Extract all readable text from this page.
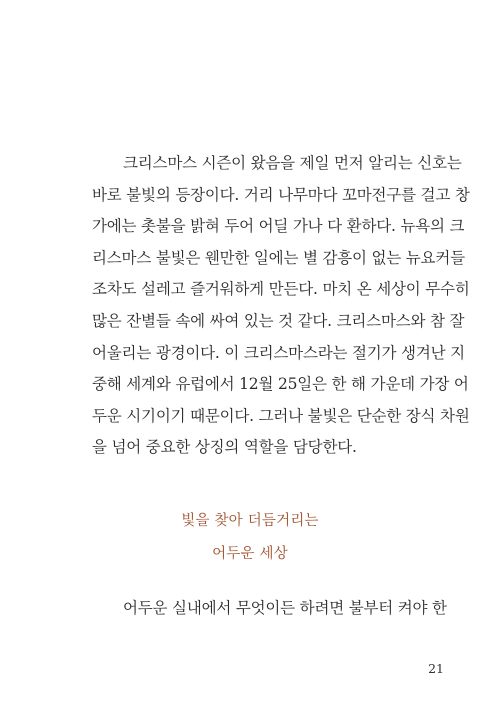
크리스마스 시즌이 왔음을 제일 먼저 알리는 신호는
바로 불빛의 등장이다. 거리 나무마다 꼬마전구를 걸고 창
가에는 촛불을 밝혀 두어 어딜 가나 다 환하다. 뉴욕의 크
리스마스 불빛은 웬만한 일에는 별 감흥이 없는 뉴요커들
조차도 설레고 즐거워하게 만든다. 마치 온 세상이 무수히
많은 잔별들 속에 싸여 있는 것 같다. 크리스마스와 참 잘
어울리는 광경이다. 이 크리스마스라는 절기가 생겨난 지
중해 세계와 유럽에서 12월 25일은 한 해 가운데 가장 어
두운 시기이기 때문이다. 그러나 불빛은 단순한 장식 차원
을 넘어 중요한 상징의 역할을 담당한다.
빛을 찾아 더듬거리는
어두운 세상
어두운 실내에서 무엇이든 하려면 불부터 켜야 한
21
